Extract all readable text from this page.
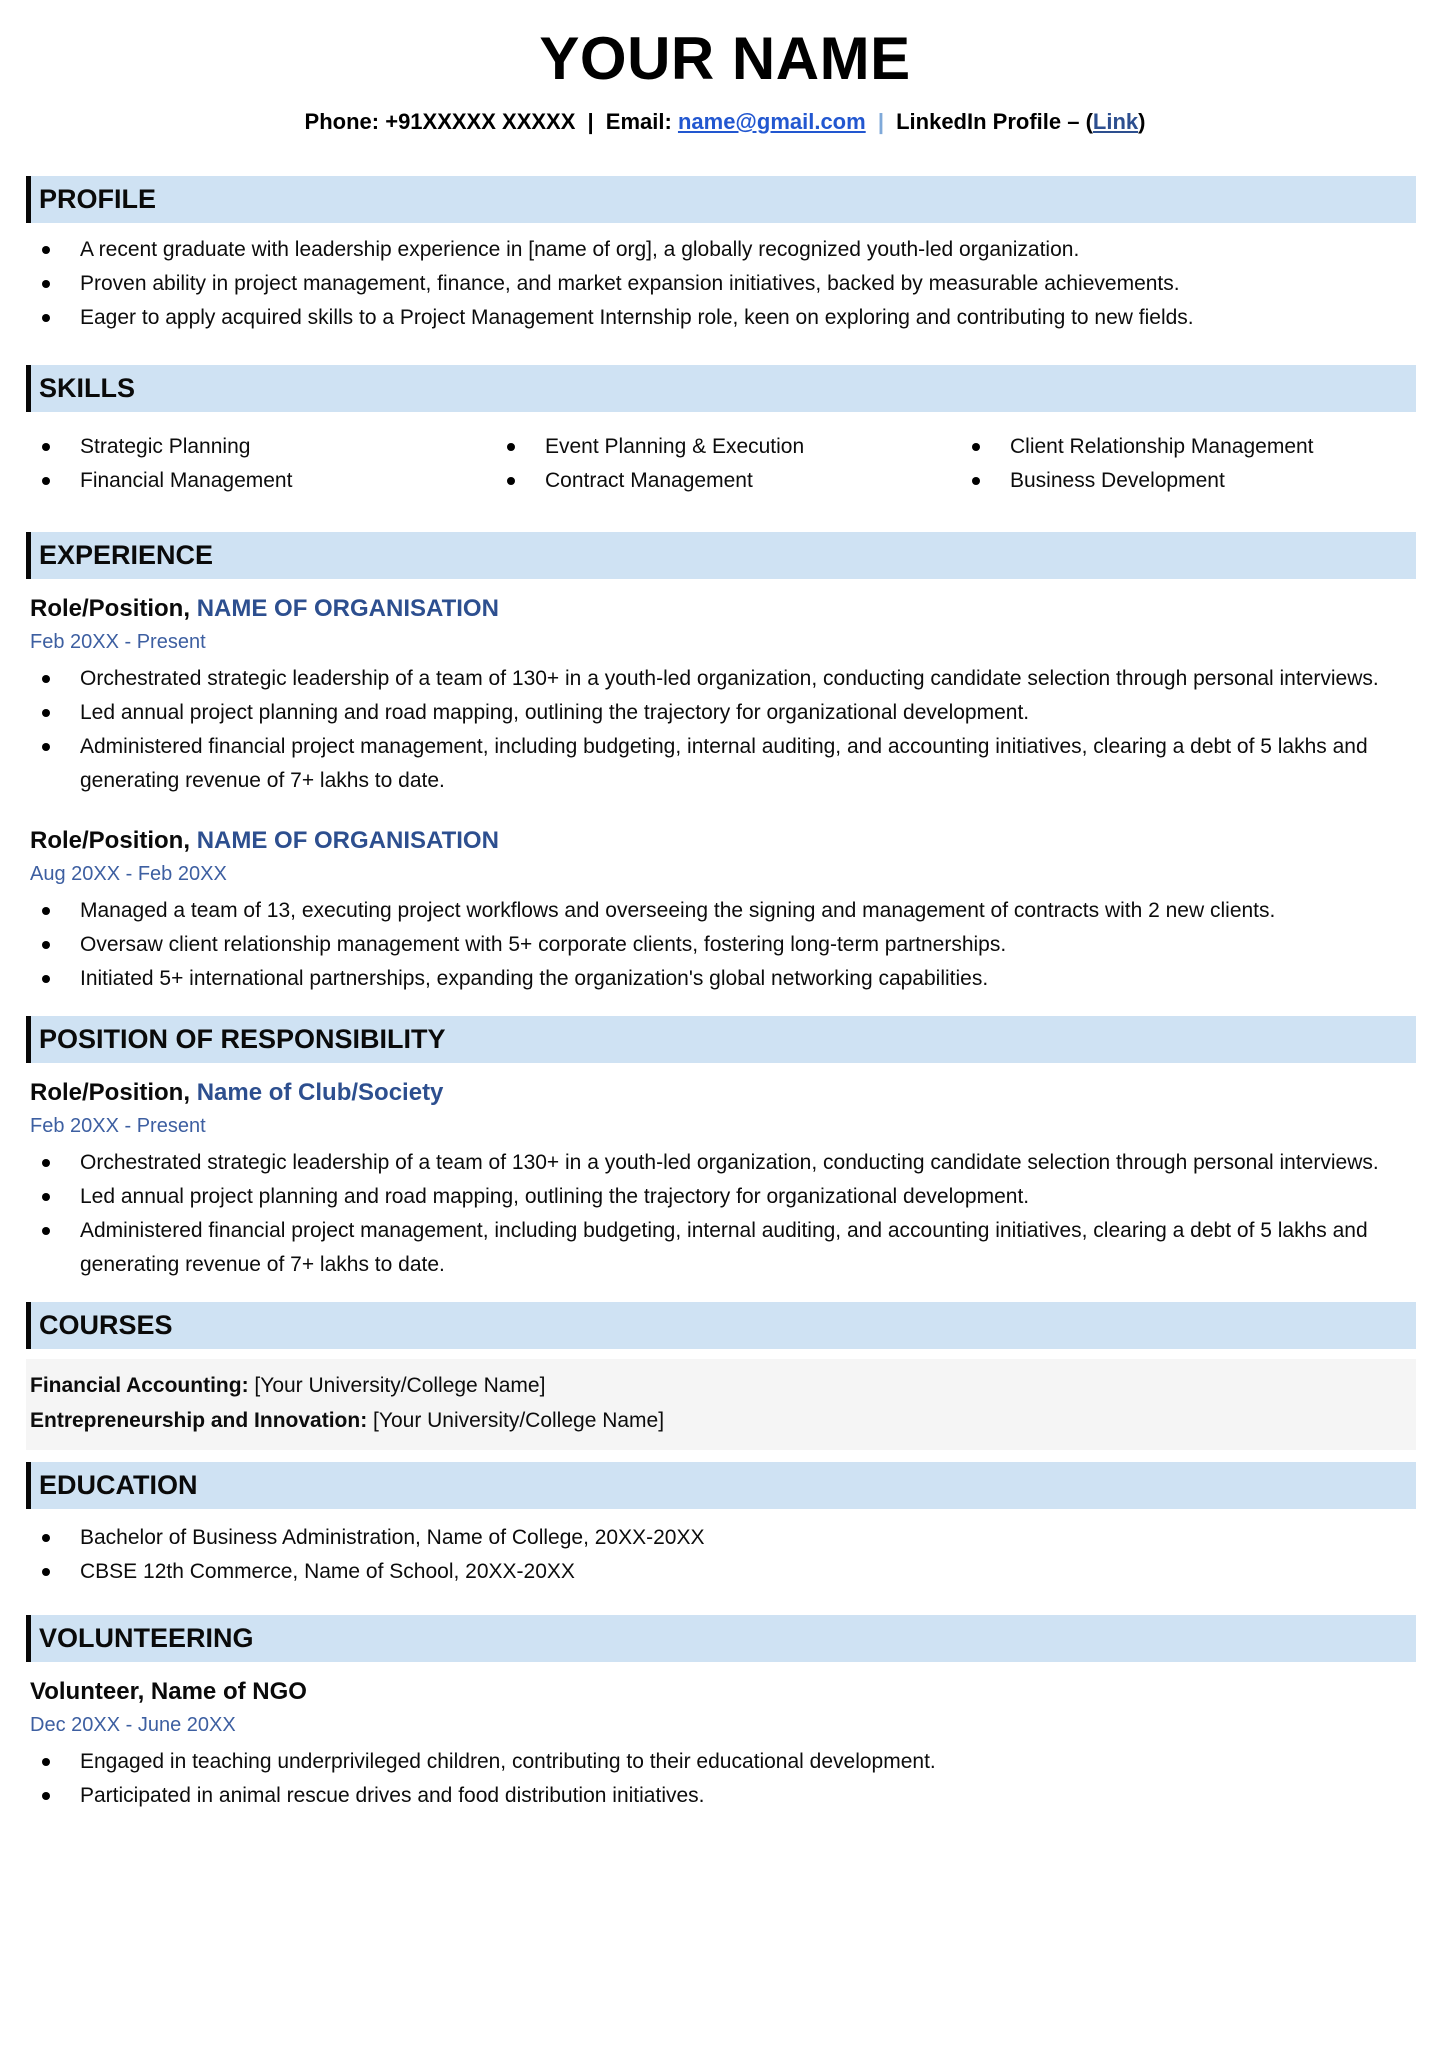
YOUR NAME
Phone: +91XXXXX XXXXX | Email: name@gmail.com | LinkedIn Profile – (Link)
PROFILE
A recent graduate with leadership experience in [name of org], a globally recognized youth-led organization.
Proven ability in project management, finance, and market expansion initiatives, backed by measurable achievements.
Eager to apply acquired skills to a Project Management Internship role, keen on exploring and contributing to new fields.
SKILLS
Strategic Planning
Financial Management
Event Planning & Execution
Contract Management
Client Relationship Management
Business Development
EXPERIENCE
Role/Position, NAME OF ORGANISATION
Feb 20XX - Present
Orchestrated strategic leadership of a team of 130+ in a youth-led organization, conducting candidate selection through personal interviews.
Led annual project planning and road mapping, outlining the trajectory for organizational development.
Administered financial project management, including budgeting, internal auditing, and accounting initiatives, clearing a debt of 5 lakhs and generating revenue of 7+ lakhs to date.
Role/Position, NAME OF ORGANISATION
Aug 20XX - Feb 20XX
Managed a team of 13, executing project workflows and overseeing the signing and management of contracts with 2 new clients.
Oversaw client relationship management with 5+ corporate clients, fostering long-term partnerships.
Initiated 5+ international partnerships, expanding the organization's global networking capabilities.
POSITION OF RESPONSIBILITY
Role/Position, Name of Club/Society
Feb 20XX - Present
Orchestrated strategic leadership of a team of 130+ in a youth-led organization, conducting candidate selection through personal interviews.
Led annual project planning and road mapping, outlining the trajectory for organizational development.
Administered financial project management, including budgeting, internal auditing, and accounting initiatives, clearing a debt of 5 lakhs and generating revenue of 7+ lakhs to date.
COURSES
Financial Accounting: [Your University/College Name]
Entrepreneurship and Innovation: [Your University/College Name]
EDUCATION
Bachelor of Business Administration, Name of College, 20XX-20XX
CBSE 12th Commerce, Name of School, 20XX-20XX
VOLUNTEERING
Volunteer, Name of NGO
Dec 20XX - June 20XX
Engaged in teaching underprivileged children, contributing to their educational development.
Participated in animal rescue drives and food distribution initiatives.
